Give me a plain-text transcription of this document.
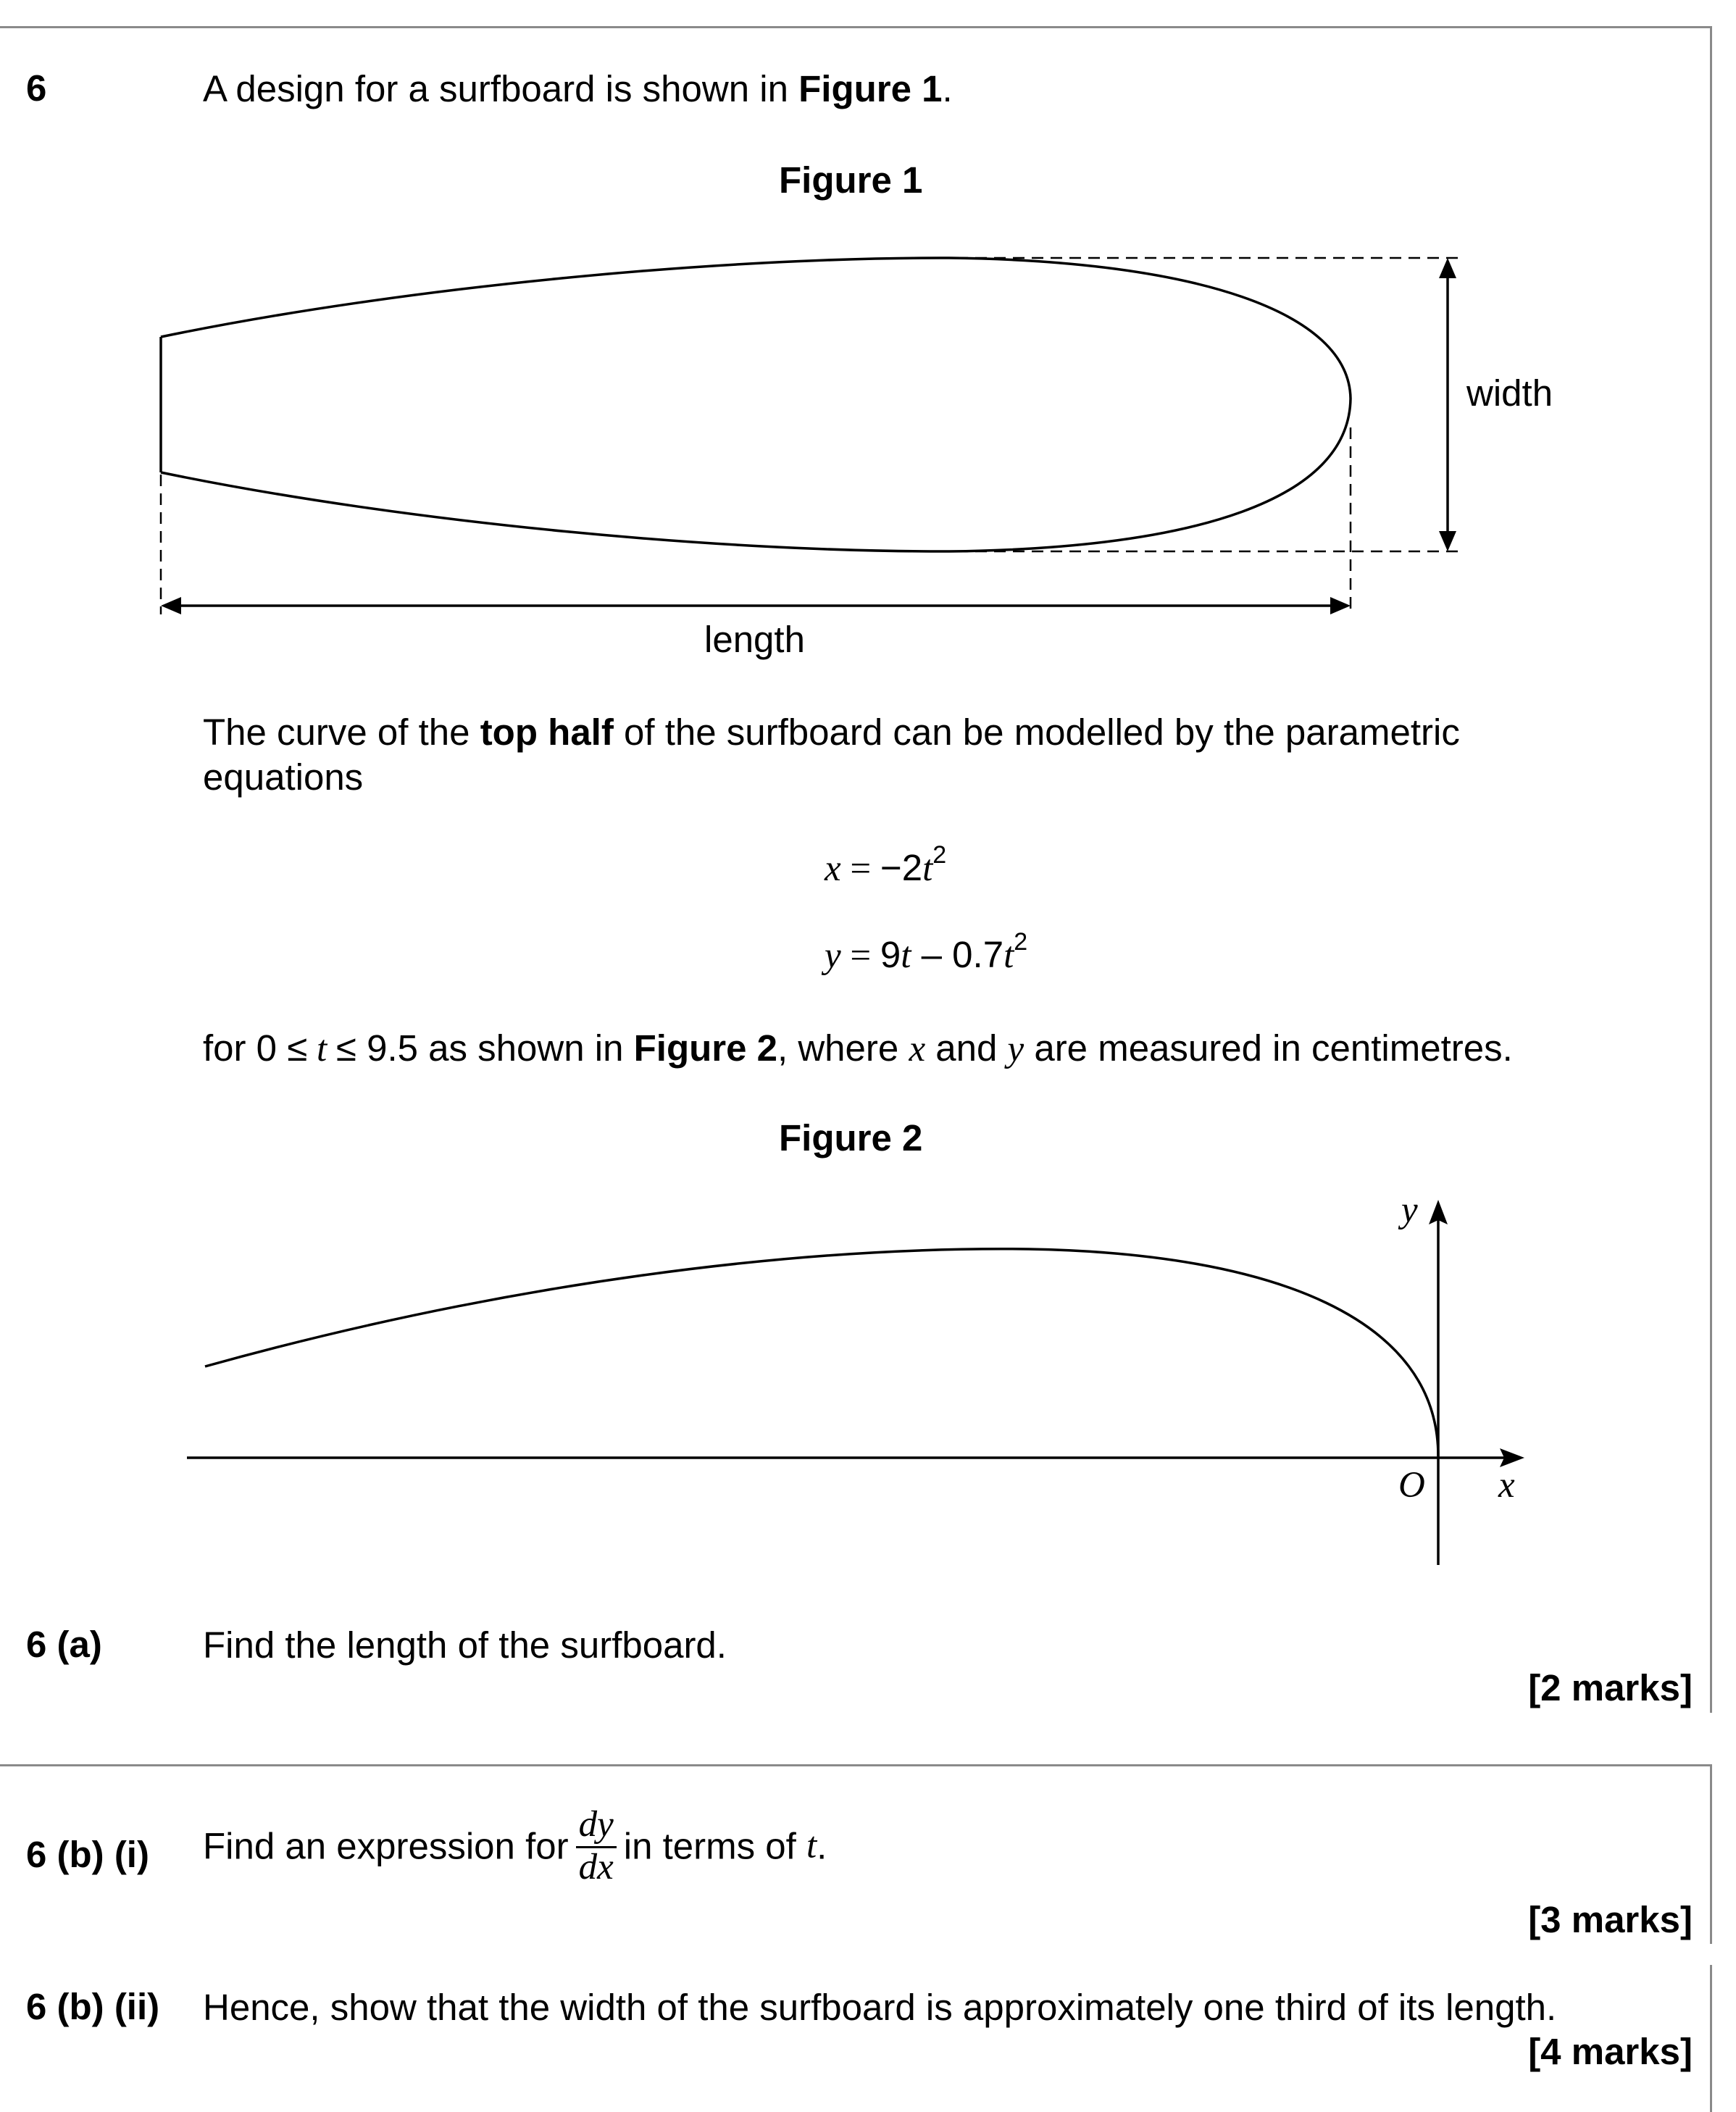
6	A design for a surfboard is shown in Figure 1.
Figure 1
width
length
The curve of the top half of the surfboard can be modelled by the parametric
equations
$x = -2t^2$
$y = 9t - 0.7t^2$
for 0 ≤ t ≤ 9.5 as shown in Figure 2, where x and y are measured in centimetres.
Figure 2
y
x
O
6 (a)	Find the length of the surfboard.
[2 marks]
6 (b) (i) Find an expression for $\frac{dy}{dx}$ in terms of t.
[3 marks]
6 (b) (ii) Hence, show that the width of the surfboard is approximately one third of its length.
[4 marks]
